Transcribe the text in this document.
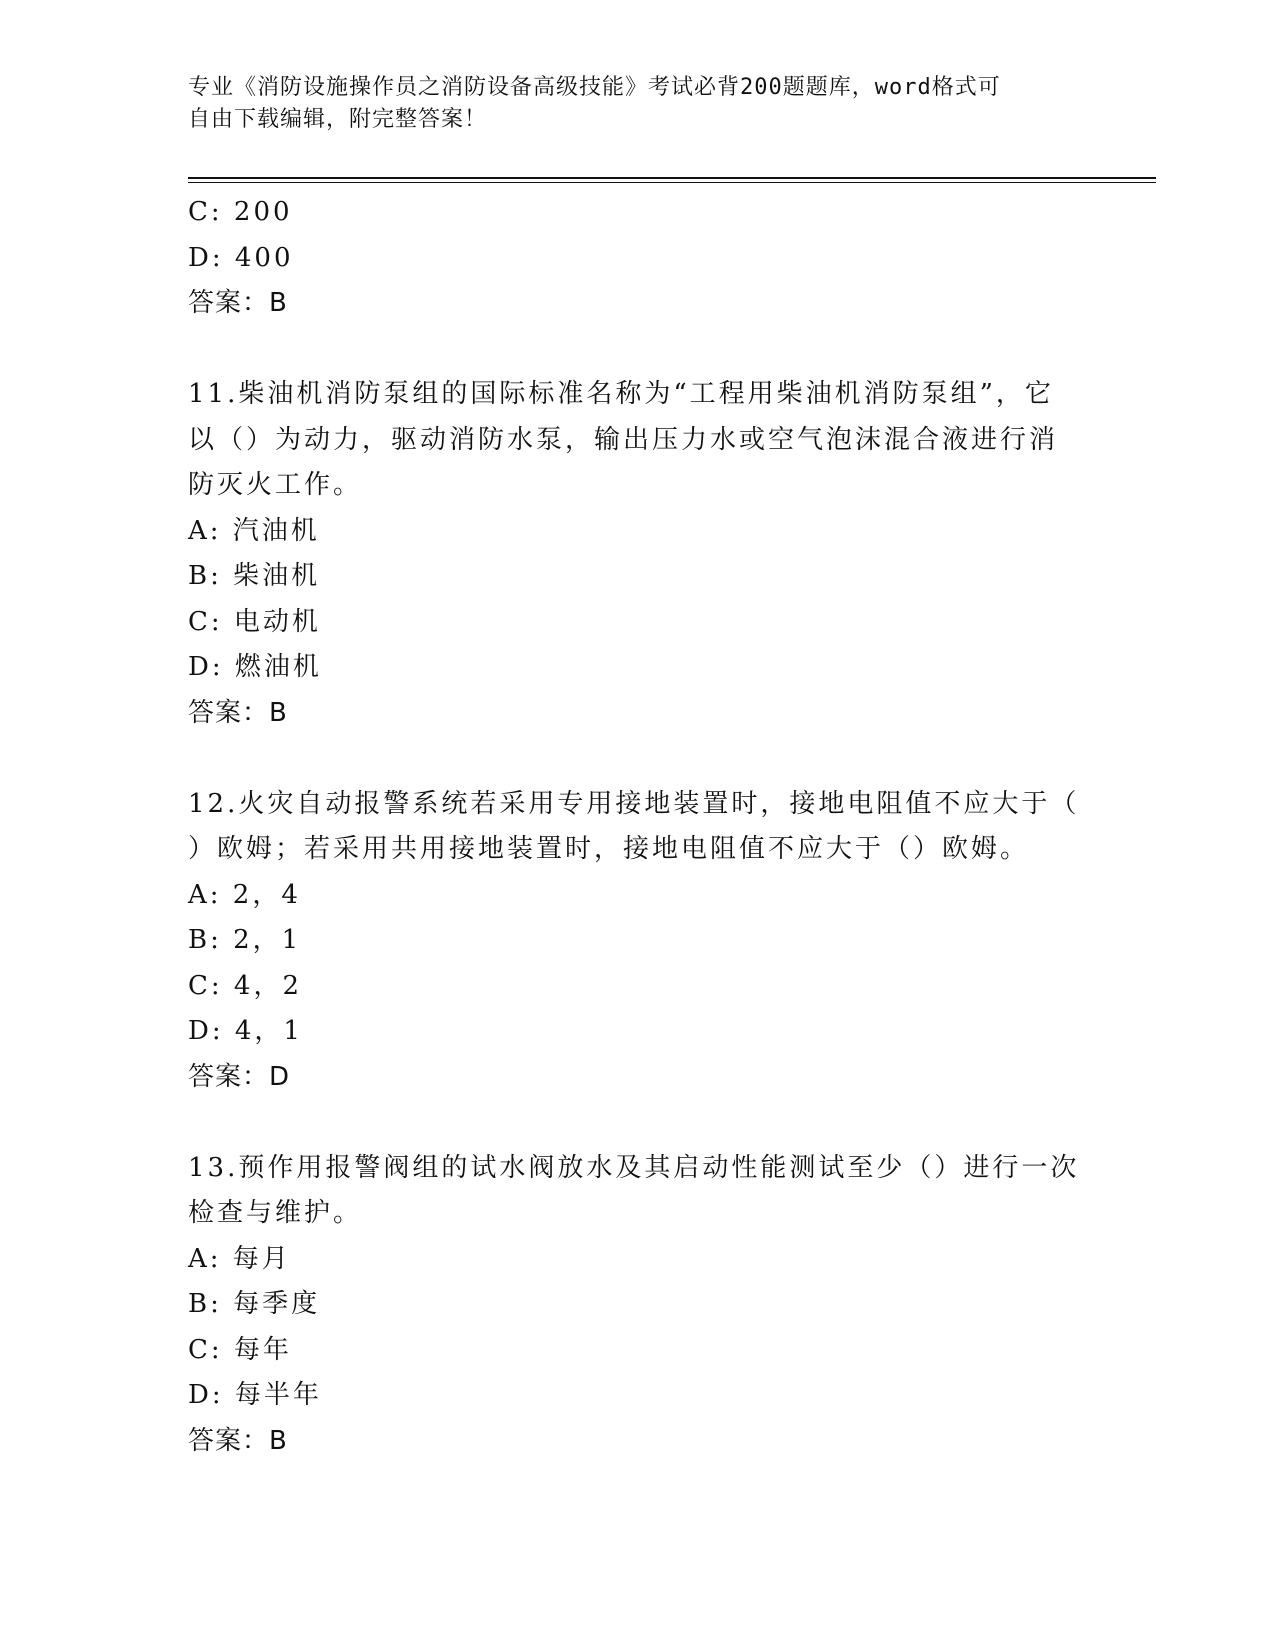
专业《消防设施操作员之消防设备高级技能》考试必背200题题库，word格式可
自由下载编辑，附完整答案！

C: 200

D: 400

答案：B

11.柴油机消防泵组的国际标准名称为“工程用柴油机消防泵组”，它

以（）为动力，驱动消防水泵，输出压力水或空气泡沫混合液进行消

防灭火工作。

A: 汽油机

B: 柴油机

C: 电动机

D: 燃油机

答案：B

12.火灾自动报警系统若采用专用接地装置时，接地电阻值不应大于（

）欧姆；若采用共用接地装置时，接地电阻值不应大于（）欧姆。

A: 2，4

B: 2，1

C: 4，2

D: 4，1

答案：D

13.预作用报警阀组的试水阀放水及其启动性能测试至少（）进行一次

检查与维护。

A: 每月

B: 每季度

C: 每年

D: 每半年

答案：B
